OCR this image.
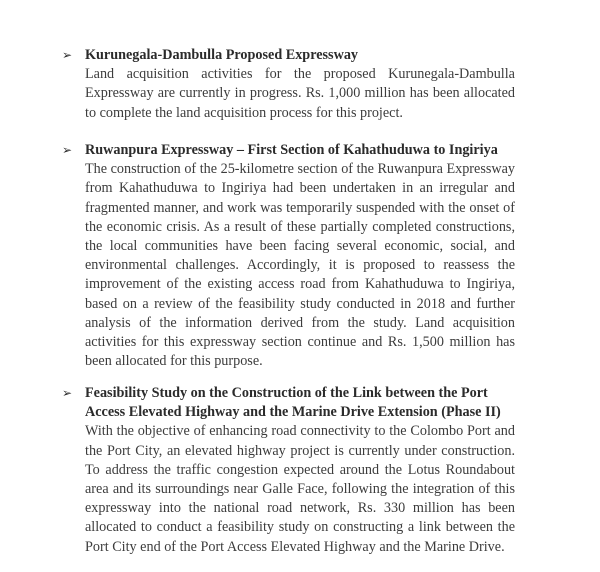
➢ Kurunegala-Dambulla Proposed Expressway

Land acquisition activities for the proposed Kurunegala-Dambulla Expressway are currently in progress. Rs. 1,000 million has been allocated to complete the land acquisition process for this project.

➢ Ruwanpura Expressway – First Section of Kahathuduwa to Ingiriya

The construction of the 25-kilometre section of the Ruwanpura Expressway from Kahathuduwa to Ingiriya had been undertaken in an irregular and fragmented manner, and work was temporarily suspended with the onset of the economic crisis. As a result of these partially completed constructions, the local communities have been facing several economic, social, and environmental challenges. Accordingly, it is proposed to reassess the improvement of the existing access road from Kahathuduwa to Ingiriya, based on a review of the feasibility study conducted in 2018 and further analysis of the information derived from the study. Land acquisition activities for this expressway section continue and Rs. 1,500 million has been allocated for this purpose.

➢ Feasibility Study on the Construction of the Link between the Port Access Elevated Highway and the Marine Drive Extension (Phase II)

With the objective of enhancing road connectivity to the Colombo Port and the Port City, an elevated highway project is currently under construction. To address the traffic congestion expected around the Lotus Roundabout area and its surroundings near Galle Face, following the integration of this expressway into the national road network, Rs. 330 million has been allocated to conduct a feasibility study on constructing a link between the Port City end of the Port Access Elevated Highway and the Marine Drive.
